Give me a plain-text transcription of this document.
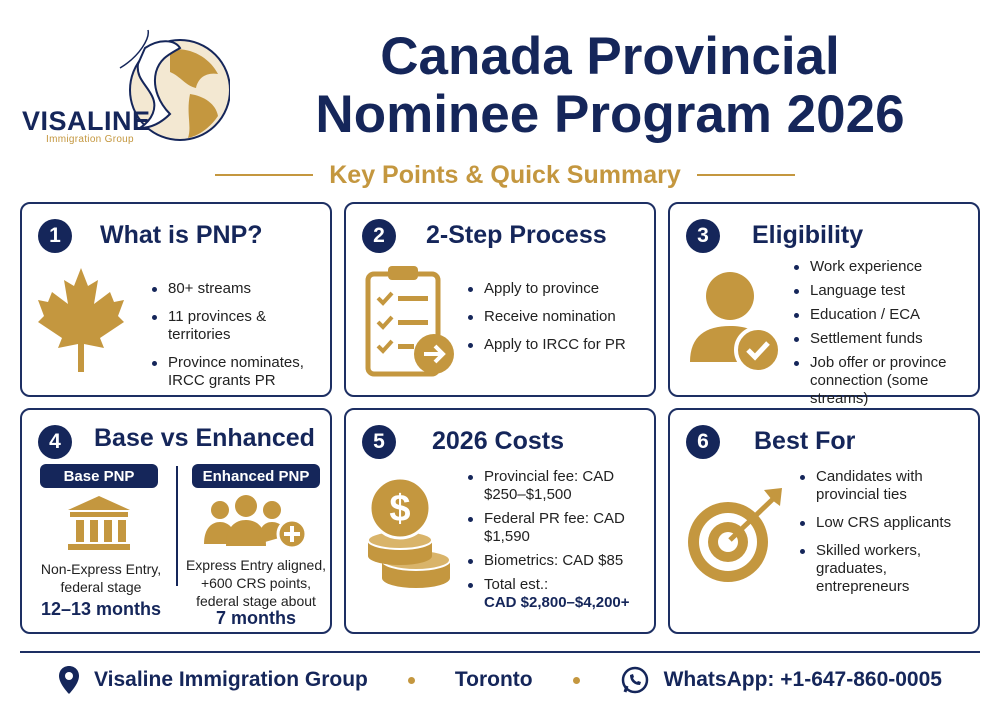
VISALINE
Immigration Group
Canada Provincial
Nominee Program 2026
Key Points & Quick Summary
1	What is PNP?
80+ streams
11 provinces & territories
Province nominates, IRCC grants PR
2	2-Step Process
Apply to province
Receive nomination
Apply to IRCC for PR
3	Eligibility
Work experience
Language test
Education / ECA
Settlement funds
Job offer or province connection (some streams)
4	Base vs Enhanced
Base PNP	Enhanced PNP
Non-Express Entry, federal stage
12–13 months
Express Entry aligned, +600 CRS points, federal stage about
7 months
5	2026 Costs
$
Provincial fee: CAD $250–$1,500
Federal PR fee: CAD $1,590
Biometrics: CAD $85
Total est.:
CAD $2,800–$4,200+
6	Best For
Candidates with provincial ties
Low CRS applicants
Skilled workers, graduates, entrepreneurs
Visaline Immigration Group	Toronto	WhatsApp: +1-647-860-0005
